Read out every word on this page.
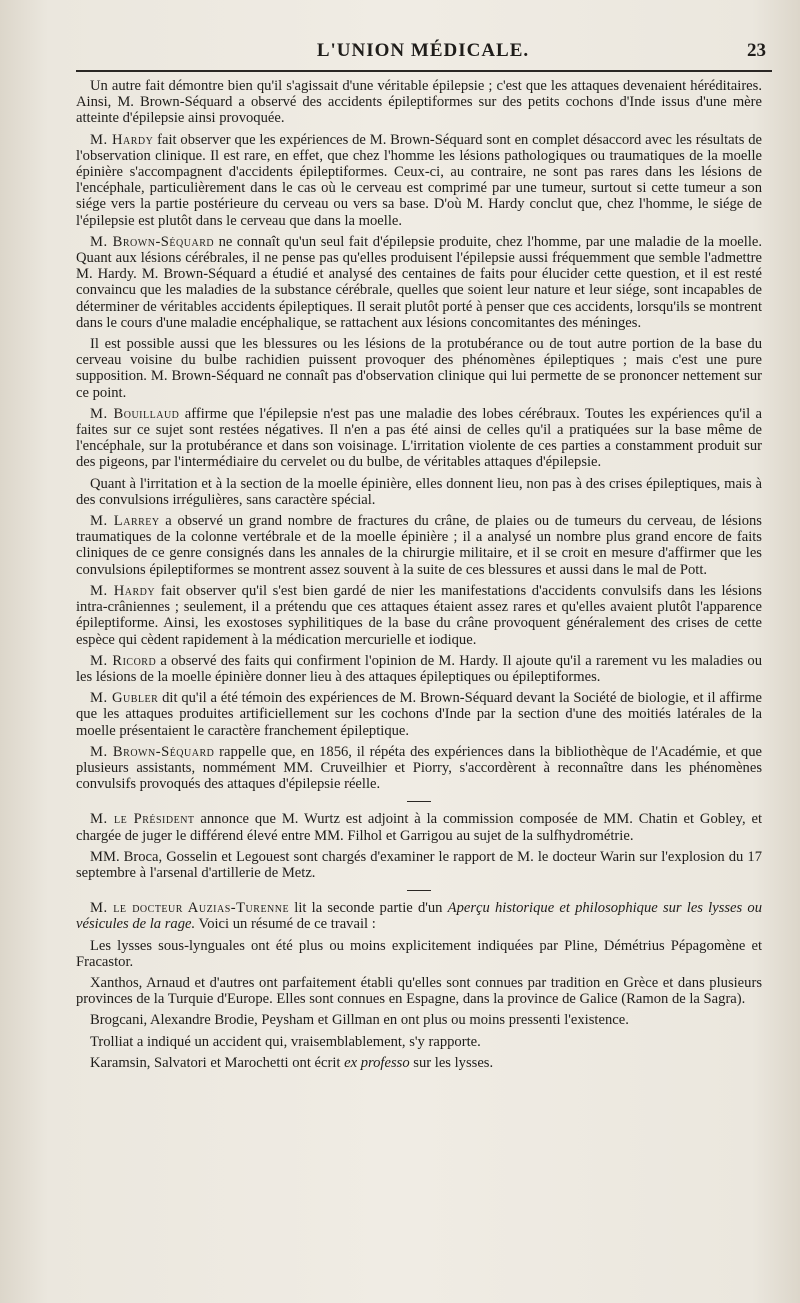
L'UNION MÉDICALE.	23

Un autre fait démontre bien qu'il s'agissait d'une véritable épilepsie ; c'est que les attaques devenaient héréditaires. Ainsi, M. Brown-Séquard a observé des accidents épileptiformes sur des petits cochons d'Inde issus d'une mère atteinte d'épilepsie ainsi provoquée.

M. Hardy fait observer que les expériences de M. Brown-Séquard sont en complet désaccord avec les résultats de l'observation clinique. Il est rare, en effet, que chez l'homme les lésions pathologiques ou traumatiques de la moelle épinière s'accompagnent d'accidents épileptiformes. Ceux-ci, au contraire, ne sont pas rares dans les lésions de l'encéphale, particulièrement dans le cas où le cerveau est comprimé par une tumeur, surtout si cette tumeur a son siége vers la partie postérieure du cerveau ou vers sa base. D'où M. Hardy conclut que, chez l'homme, le siége de l'épilepsie est plutôt dans le cerveau que dans la moelle.

M. Brown-Séquard ne connaît qu'un seul fait d'épilepsie produite, chez l'homme, par une maladie de la moelle. Quant aux lésions cérébrales, il ne pense pas qu'elles produisent l'épilepsie aussi fréquemment que semble l'admettre M. Hardy. M. Brown-Séquard a étudié et analysé des centaines de faits pour élucider cette question, et il est resté convaincu que les maladies de la substance cérébrale, quelles que soient leur nature et leur siége, sont incapables de déterminer de véritables accidents épileptiques. Il serait plutôt porté à penser que ces accidents, lorsqu'ils se montrent dans le cours d'une maladie encéphalique, se rattachent aux lésions concomitantes des méninges.

Il est possible aussi que les blessures ou les lésions de la protubérance ou de tout autre portion de la base du cerveau voisine du bulbe rachidien puissent provoquer des phénomènes épileptiques ; mais c'est une pure supposition. M. Brown-Séquard ne connaît pas d'observation clinique qui lui permette de se prononcer nettement sur ce point.

M. Bouillaud affirme que l'épilepsie n'est pas une maladie des lobes cérébraux. Toutes les expériences qu'il a faites sur ce sujet sont restées négatives. Il n'en a pas été ainsi de celles qu'il a pratiquées sur la base même de l'encéphale, sur la protubérance et dans son voisinage. L'irritation violente de ces parties a constamment produit sur des pigeons, par l'intermédiaire du cervelet ou du bulbe, de véritables attaques d'épilepsie.

Quant à l'irritation et à la section de la moelle épinière, elles donnent lieu, non pas à des crises épileptiques, mais à des convulsions irrégulières, sans caractère spécial.

M. Larrey a observé un grand nombre de fractures du crâne, de plaies ou de tumeurs du cerveau, de lésions traumatiques de la colonne vertébrale et de la moelle épinière ; il a analysé un nombre plus grand encore de faits cliniques de ce genre consignés dans les annales de la chirurgie militaire, et il se croit en mesure d'affirmer que les convulsions épileptiformes se montrent assez souvent à la suite de ces blessures et aussi dans le mal de Pott.

M. Hardy fait observer qu'il s'est bien gardé de nier les manifestations d'accidents convulsifs dans les lésions intra-crâniennes ; seulement, il a prétendu que ces attaques étaient assez rares et qu'elles avaient plutôt l'apparence épileptiforme. Ainsi, les exostoses syphilitiques de la base du crâne provoquent généralement des crises de cette espèce qui cèdent rapidement à la médication mercurielle et iodique.

M. Ricord a observé des faits qui confirment l'opinion de M. Hardy. Il ajoute qu'il a rarement vu les maladies ou les lésions de la moelle épinière donner lieu à des attaques épileptiques ou épileptiformes.

M. Gubler dit qu'il a été témoin des expériences de M. Brown-Séquard devant la Société de biologie, et il affirme que les attaques produites artificiellement sur les cochons d'Inde par la section d'une des moitiés latérales de la moelle présentaient le caractère franchement épileptique.

M. Brown-Séquard rappelle que, en 1856, il répéta des expériences dans la bibliothèque de l'Académie, et que plusieurs assistants, nommément MM. Cruveilhier et Piorry, s'accordèrent à reconnaître dans les phénomènes convulsifs provoqués des attaques d'épilepsie réelle.

M. le Président annonce que M. Wurtz est adjoint à la commission composée de MM. Chatin et Gobley, et chargée de juger le différend élevé entre MM. Filhol et Garrigou au sujet de la sulfhydrométrie.

MM. Broca, Gosselin et Legouest sont chargés d'examiner le rapport de M. le docteur Warin sur l'explosion du 17 septembre à l'arsenal d'artillerie de Metz.

M. le docteur Auzias-Turenne lit la seconde partie d'un Aperçu historique et philosophique sur les lysses ou vésicules de la rage. Voici un résumé de ce travail :

Les lysses sous-lynguales ont été plus ou moins explicitement indiquées par Pline, Démétrius Pépagomène et Fracastor.

Xanthos, Arnaud et d'autres ont parfaitement établi qu'elles sont connues par tradition en Grèce et dans plusieurs provinces de la Turquie d'Europe. Elles sont connues en Espagne, dans la province de Galice (Ramon de la Sagra).

Brogcani, Alexandre Brodie, Peysham et Gillman en ont plus ou moins pressenti l'existence.

Trolliat a indiqué un accident qui, vraisemblablement, s'y rapporte.

Karamsin, Salvatori et Marochetti ont écrit ex professo sur les lysses.
